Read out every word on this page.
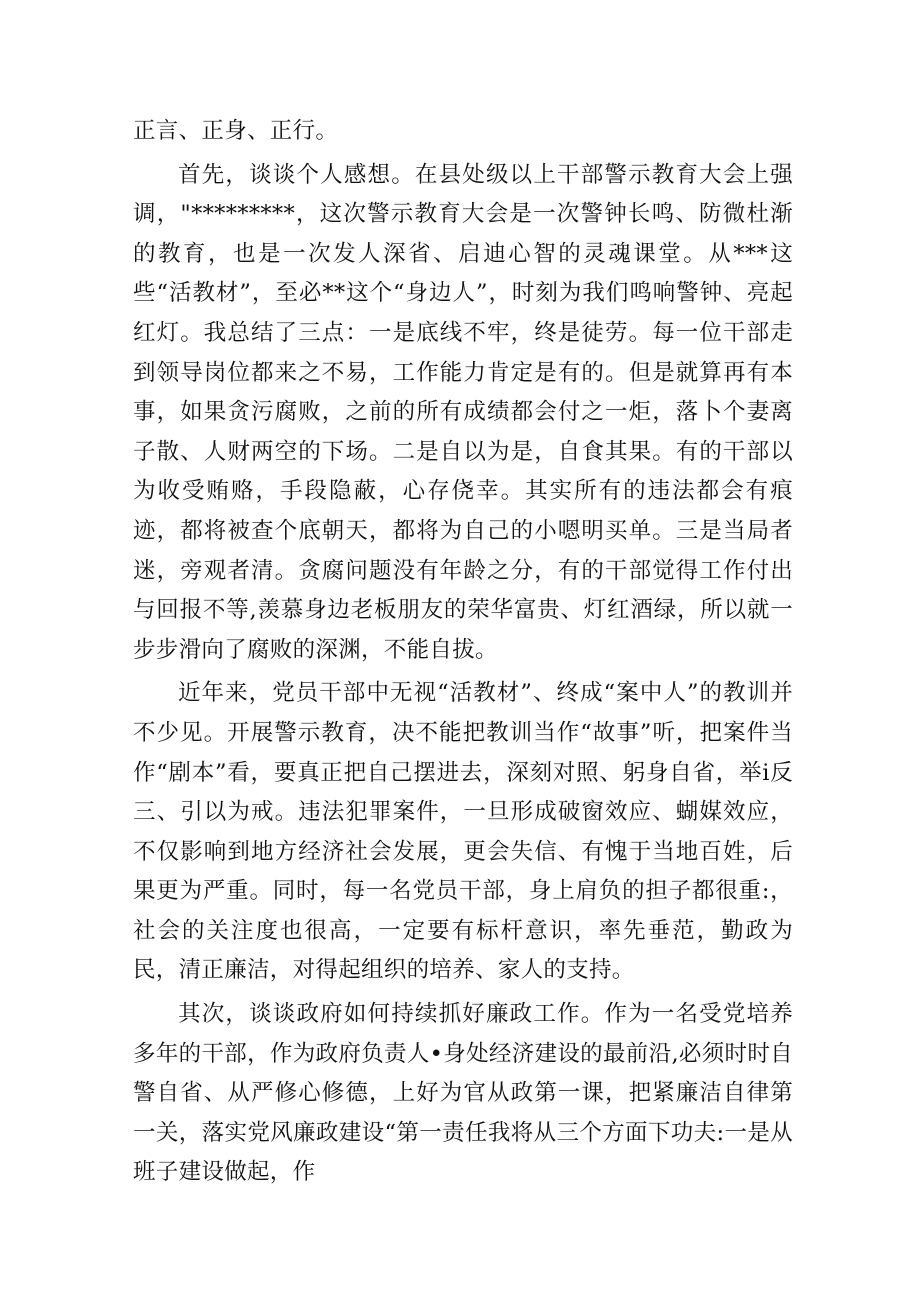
正言、正身、正行。

首先，谈谈个人感想。在县处级以上干部警示教育大会上强调，"*********，这次警示教育大会是一次警钟长鸣、防微杜渐的教育，也是一次发人深省、启迪心智的灵魂课堂。从***这些“活教材”，至必**这个“身边人”，时刻为我们鸣响警钟、亮起红灯。我总结了三点：一是底线不牢，终是徒劳。每一位干部走到领导岗位都来之不易，工作能力肯定是有的。但是就算再有本事，如果贪污腐败，之前的所有成绩都会付之一炬，落卜个妻离子散、人财两空的下场。二是自以为是，自食其果。有的干部以为收受贿赂，手段隐蔽，心存侥幸。其实所有的违法都会有痕迹，都将被查个底朝天，都将为自己的小嗯明买单。三是当局者迷，旁观者清。贪腐问题没有年龄之分，有的干部觉得工作付出与回报不等,羡慕身边老板朋友的荣华富贵、灯红酒绿，所以就一步步滑向了腐败的深渊，不能自拔。

近年来，党员干部中无视“活教材”、终成“案中人”的教训并不少见。开展警示教育，决不能把教训当作“故事”听，把案件当作“剧本”看，要真正把自己摆进去，深刻对照、躬身自省，举i反三、引以为戒。违法犯罪案件，一旦形成破窗效应、蝴媒效应，不仅影响到地方经济社会发展，更会失信、有愧于当地百姓，后果更为严重。同时，每一名党员干部，身上肩负的担子都很重:，社会的关注度也很高，一定要有标杆意识，率先垂范，勤政为民，清正廉洁，对得起组织的培养、家人的支持。

其次，谈谈政府如何持续抓好廉政工作。作为一名受党培养多年的干部，作为政府负责人•身处经济建设的最前沿,必须时时自警自省、从严修心修德，上好为官从政第一课，把紧廉洁自律第一关，落实党风廉政建设“第一责任我将从三个方面下功夫:一是从班子建设做起，作
